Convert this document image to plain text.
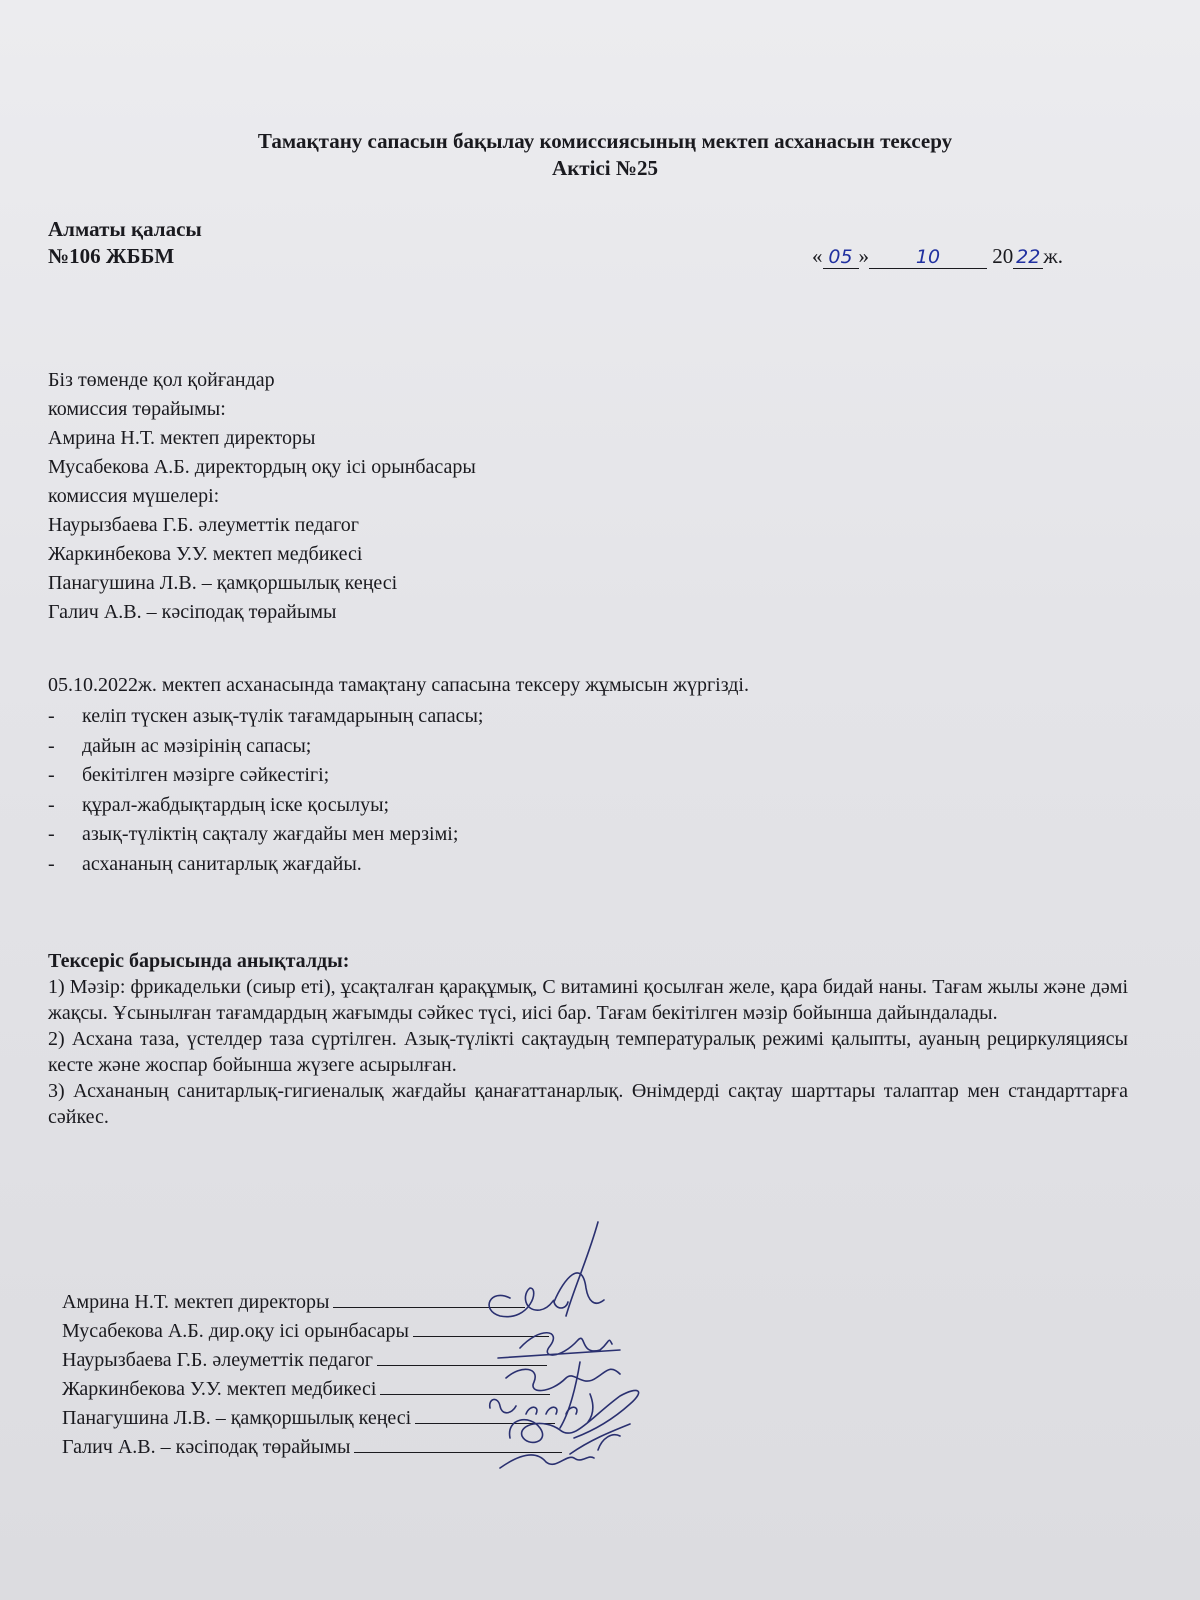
Тамақтану сапасын бақылау комиссиясының мектеп асханасын тексеру
Актісі №25
Алматы қаласы
№106 ЖББМ	« 05 » 10 20 22 ж.
Біз төменде қол қойғандар
комиссия төрайымы:
Амрина Н.Т. мектеп директоры
Мусабекова А.Б. директордың оқу ісі орынбасары
комиссия мүшелері:
Наурызбаева Г.Б. әлеуметтік педагог
Жаркинбекова У.У. мектеп медбикесі
Панагушина Л.В. – қамқоршылық кеңесі
Галич А.В. – кәсіподақ төрайымы
05.10.2022ж. мектеп асханасында тамақтану сапасына тексеру жұмысын жүргізді.
-	келіп түскен азық-түлік тағамдарының сапасы;
-	дайын ас мәзірінің сапасы;
-	бекітілген мәзірге сәйкестігі;
-	құрал-жабдықтардың іске қосылуы;
-	азық-түліктің сақталу жағдайы мен мерзімі;
-	асхананың санитарлық жағдайы.
Тексеріс барысында анықталды:

1) Мәзір: фрикадельки (сиыр еті), ұсақталған қарақұмық, С витамині қосылған желе, қара бидай наны. Тағам жылы және дәмі жақсы. Ұсынылған тағамдардың жағымды сәйкес түсі, иісі бар. Тағам бекітілген мәзір бойынша дайындалады.

2) Асхана таза, үстелдер таза сүртілген. Азық-түлікті сақтаудың температуралық режимі қалыпты, ауаның рециркуляциясы кесте және жоспар бойынша жүзеге асырылған.

3) Асхананың санитарлық-гигиеналық жағдайы қанағаттанарлық. Өнімдерді сақтау шарттары талаптар мен стандарттарға сәйкес.

Амрина Н.Т. мектеп директоры
Мусабекова А.Б. дир.оқу ісі орынбасары
Наурызбаева Г.Б. әлеуметтік педагог
Жаркинбекова У.У. мектеп медбикесі
Панагушина Л.В. – қамқоршылық кеңесі
Галич А.В. – кәсіподақ төрайымы
